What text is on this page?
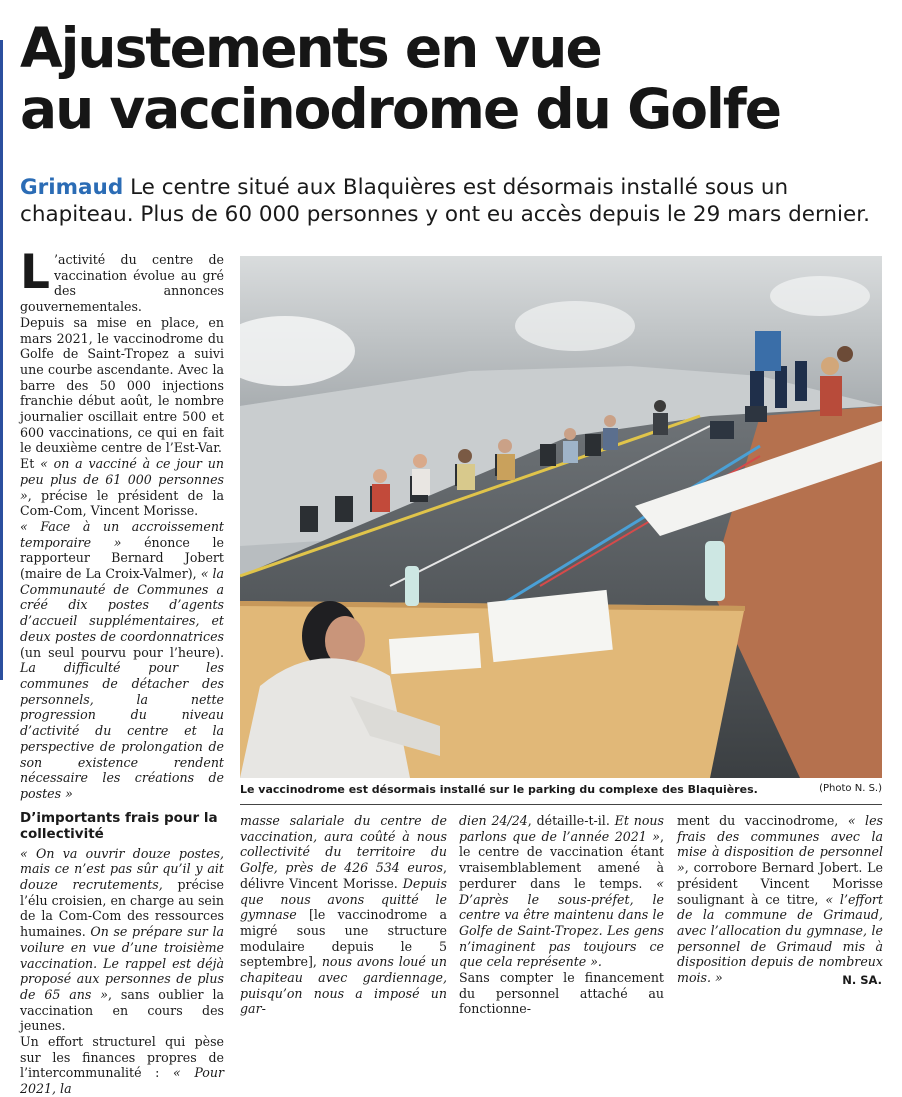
Ajustements en vue
au vaccinodrome du Golfe

Grimaud Le centre situé aux Blaquières est désormais installé sous un chapiteau. Plus de 60 000 personnes y ont eu accès depuis le 29 mars dernier.

L ’activité du centre de vaccination évolue au gré des annonces gouvernementales.

Depuis sa mise en place, en mars 2021, le vaccinodrome du Golfe de Saint-Tropez a suivi une courbe ascendante. Avec la barre des 50 000 injections franchie début août, le nombre journalier oscillait entre 500 et 600 vaccinations, ce qui en fait le deuxième centre de l’Est-Var.

Et « on a vacciné à ce jour un peu plus de 61 000 personnes », précise le président de la Com-Com, Vincent Morisse.

« Face à un accroissement temporaire » énonce le rapporteur Bernard Jobert (maire de La Croix-Valmer), « la Communauté de Communes a créé dix postes d’agents d’accueil supplémentaires, et deux postes de coordonnatrices (un seul pourvu pour l’heure). La difficulté pour les communes de détacher des personnels, la nette progression du niveau d’activité du centre et la perspective de prolongation de son existence rendent nécessaire les créations de postes »

D’importants frais pour la collectivité

« On va ouvrir douze postes, mais ce n’est pas sûr qu’il y ait douze recrutements, précise l’élu croisien, en charge au sein de la Com-Com des ressources humaines. On se prépare sur la voilure en vue d’une troisième vaccination. Le rappel est déjà proposé aux personnes de plus de 65 ans », sans oublier la vaccination en cours des jeunes.

Un effort structurel qui pèse sur les finances propres de l’intercommunalité : « Pour 2021, la

Le vaccinodrome est désormais installé sur le parking du complexe des Blaquières.	(Photo N. S.)

masse salariale du centre de vaccination, aura coûté à nous collectivité du territoire du Golfe, près de 426 534 euros, délivre Vincent Morisse. Depuis que nous avons quitté le gymnase [le vaccinodrome a migré sous une structure modulaire depuis le 5 septembre], nous avons loué un chapiteau avec gardiennage, puisqu’on nous a imposé un gar-

dien 24/24, détaille-t-il. Et nous parlons que de l’année 2021 », le centre de vaccination étant vraisemblablement amené à perdurer dans le temps. « D’après le sous-préfet, le centre va être maintenu dans le Golfe de Saint-Tropez. Les gens n’imaginent pas toujours ce que cela représente ».

Sans compter le financement du personnel attaché au fonctionne-

ment du vaccinodrome, « les frais des communes avec la mise à disposition de personnel », corrobore Bernard Jobert. Le président Vincent Morisse soulignant à ce titre, « l’effort de la commune de Grimaud, avec l’allocation du gymnase, le personnel de Grimaud mis à disposition depuis de nombreux mois. »	N. SA.
